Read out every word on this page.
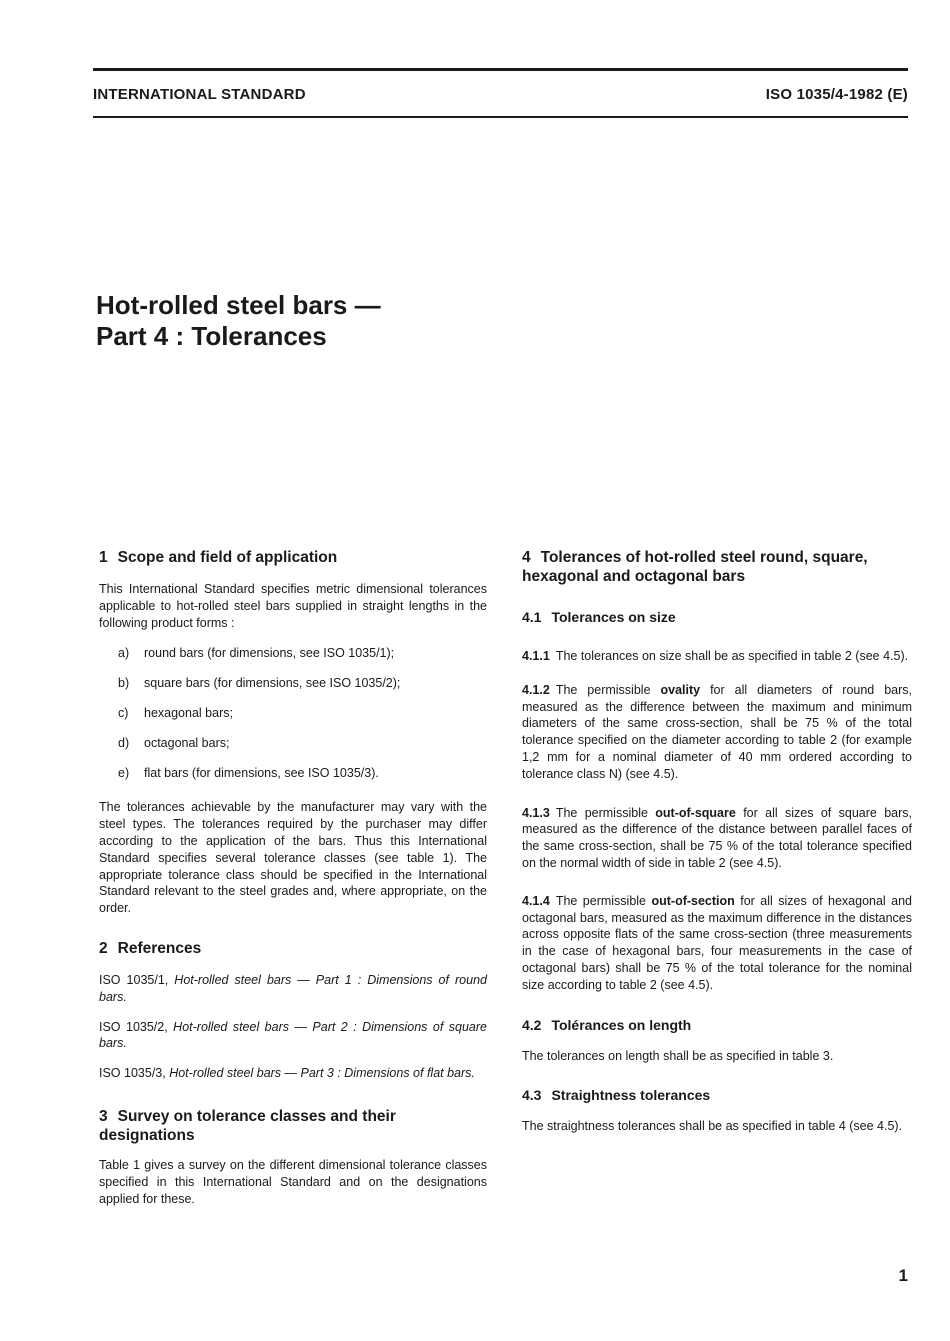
INTERNATIONAL STANDARD	ISO 1035/4-1982 (E)
Hot-rolled steel bars —
Part 4 : Tolerances
1 Scope and field of application

This International Standard specifies metric dimensional tolerances applicable to hot-rolled steel bars supplied in straight lengths in the following product forms :

a) round bars (for dimensions, see ISO 1035/1);
b) square bars (for dimensions, see ISO 1035/2);
c) hexagonal bars;
d) octagonal bars;
e) flat bars (for dimensions, see ISO 1035/3).

The tolerances achievable by the manufacturer may vary with the steel types. The tolerances required by the purchaser may differ according to the application of the bars. Thus this International Standard specifies several tolerance classes (see table 1). The appropriate tolerance class should be specified in the International Standard relevant to the steel grades and, where appropriate, on the order.

2 References

ISO 1035/1, Hot-rolled steel bars — Part 1 : Dimensions of round bars.

ISO 1035/2, Hot-rolled steel bars — Part 2 : Dimensions of square bars.

ISO 1035/3, Hot-rolled steel bars — Part 3 : Dimensions of flat bars.

3 Survey on tolerance classes and their designations

Table 1 gives a survey on the different dimensional tolerance classes specified in this International Standard and on the designations applied for these.

4 Tolerances of hot-rolled steel round, square, hexagonal and octagonal bars
4.1 Tolerances on size

4.1.1 The tolerances on size shall be as specified in table 2 (see 4.5).

4.1.2 The permissible ovality for all diameters of round bars, measured as the difference between the maximum and minimum diameters of the same cross-section, shall be 75 % of the total tolerance specified on the diameter according to table 2 (for example 1,2 mm for a nominal diameter of 40 mm ordered according to tolerance class N) (see 4.5).

4.1.3 The permissible out-of-square for all sizes of square bars, measured as the difference of the distance between parallel faces of the same cross-section, shall be 75 % of the total tolerance specified on the normal width of side in table 2 (see 4.5).

4.1.4 The permissible out-of-section for all sizes of hexagonal and octagonal bars, measured as the maximum difference in the distances across opposite flats of the same cross-section (three measurements in the case of hexagonal bars, four measurements in the case of octagonal bars) shall be 75 % of the total tolerance for the nominal size according to table 2 (see 4.5).

4.2 Tolérances on length

The tolerances on length shall be as specified in table 3.

4.3 Straightness tolerances

The straightness tolerances shall be as specified in table 4 (see 4.5).

1
